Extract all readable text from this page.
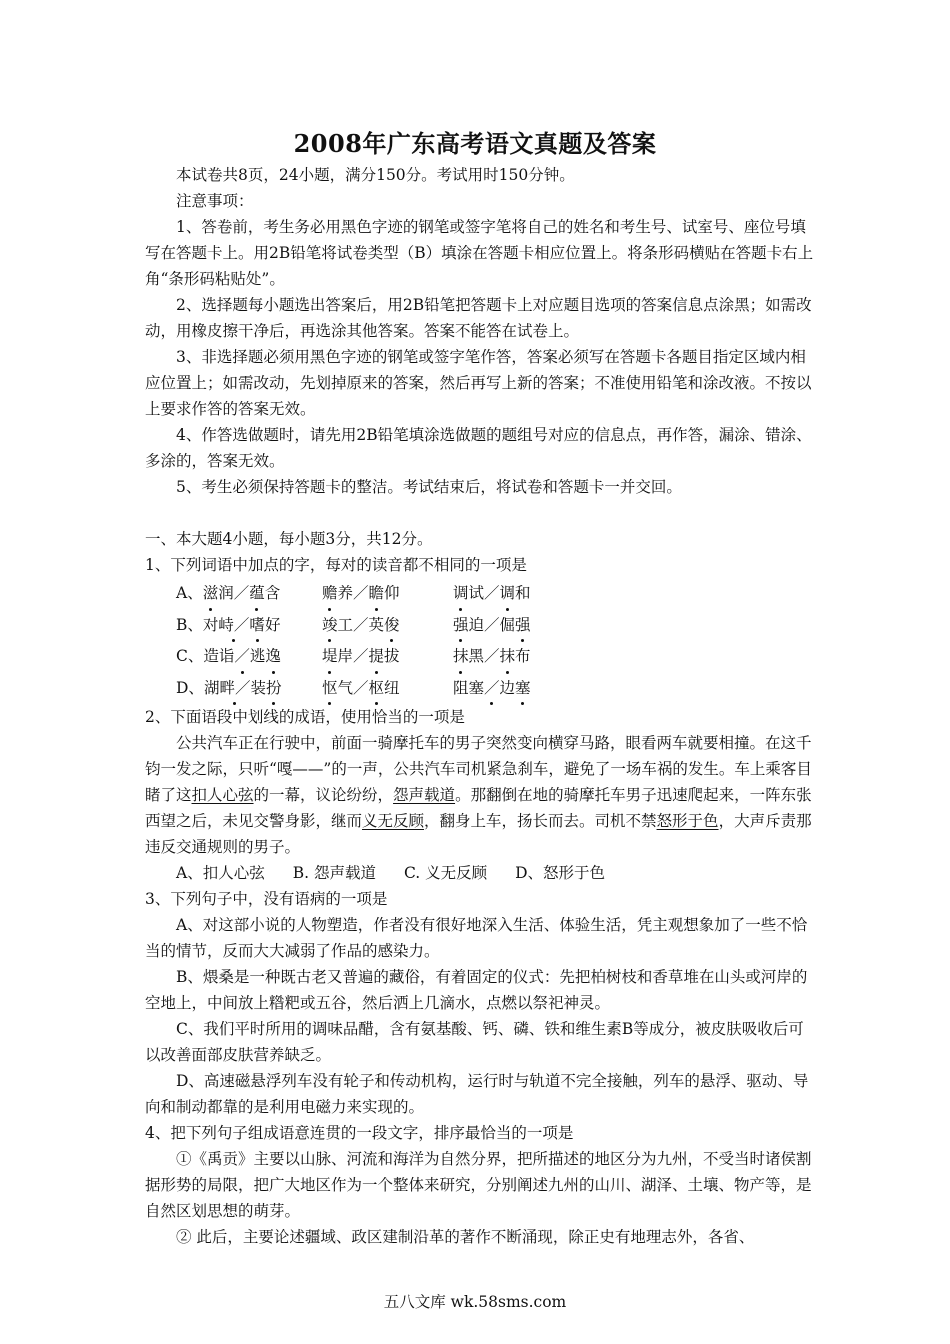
2008年广东高考语文真题及答案

本试卷共8页，24小题，满分150分。考试用时150分钟。

注意事项：

1、答卷前，考生务必用黑色字迹的钢笔或签字笔将自己的姓名和考生号、试室号、座位号填写在答题卡上。用2B铅笔将试卷类型（B）填涂在答题卡相应位置上。将条形码横贴在答题卡右上角“条形码粘贴处”。

2、选择题每小题选出答案后，用2B铅笔把答题卡上对应题目选项的答案信息点涂黑；如需改动，用橡皮擦干净后，再选涂其他答案。答案不能答在试卷上。

3、非选择题必须用黑色字迹的钢笔或签字笔作答，答案必须写在答题卡各题目指定区域内相应位置上；如需改动，先划掉原来的答案，然后再写上新的答案；不准使用铅笔和涂改液。不按以上要求作答的答案无效。

4、作答选做题时，请先用2B铅笔填涂选做题的题组号对应的信息点，再作答，漏涂、错涂、多涂的，答案无效。

5、考生必须保持答题卡的整洁。考试结束后，将试卷和答题卡一并交回。

一、本大题4小题，每小题3分，共12分。

1、下列词语中加点的字，每对的读音都不相同的一项是

A、滋润／蕴含	赡养／瞻仰	调试／调和
B、对峙／嗜好	竣工／英俊	强迫／倔强
C、造诣／逃逸	堤岸／提拔	抹黑／抹布
D、湖畔／装扮	怄气／枢纽	阻塞／边塞

2、下面语段中划线的成语，使用恰当的一项是

公共汽车正在行驶中，前面一骑摩托车的男子突然变向横穿马路，眼看两车就要相撞。在这千钧一发之际，只听“嘎——”的一声，公共汽车司机紧急刹车，避免了一场车祸的发生。车上乘客目睹了这扣人心弦的一幕，议论纷纷，怨声载道。那翻倒在地的骑摩托车男子迅速爬起来，一阵东张西望之后，未见交警身影，继而义无反顾，翻身上车，扬长而去。司机不禁怒形于色，大声斥责那违反交通规则的男子。

A、扣人心弦 B. 怨声载道 C. 义无反顾 D、怒形于色

3、下列句子中，没有语病的一项是

A、对这部小说的人物塑造，作者没有很好地深入生活、体验生活，凭主观想象加了一些不恰当的情节，反而大大减弱了作品的感染力。

B、煨桑是一种既古老又普遍的藏俗，有着固定的仪式：先把柏树枝和香草堆在山头或河岸的空地上，中间放上糌粑或五谷，然后洒上几滴水，点燃以祭祀神灵。

C、我们平时所用的调味品醋，含有氨基酸、钙、磷、铁和维生素B等成分，被皮肤吸收后可以改善面部皮肤营养缺乏。

D、高速磁悬浮列车没有轮子和传动机构，运行时与轨道不完全接触，列车的悬浮、驱动、导向和制动都靠的是利用电磁力来实现的。

4、把下列句子组成语意连贯的一段文字，排序最恰当的一项是

①《禹贡》主要以山脉、河流和海洋为自然分界，把所描述的地区分为九州，不受当时诸侯割据形势的局限，把广大地区作为一个整体来研究，分别阐述九州的山川、湖泽、土壤、物产等，是自然区划思想的萌芽。

② 此后，主要论述疆域、政区建制沿革的著作不断涌现，除正史有地理志外，各省、

五八文库 wk.58sms.com
